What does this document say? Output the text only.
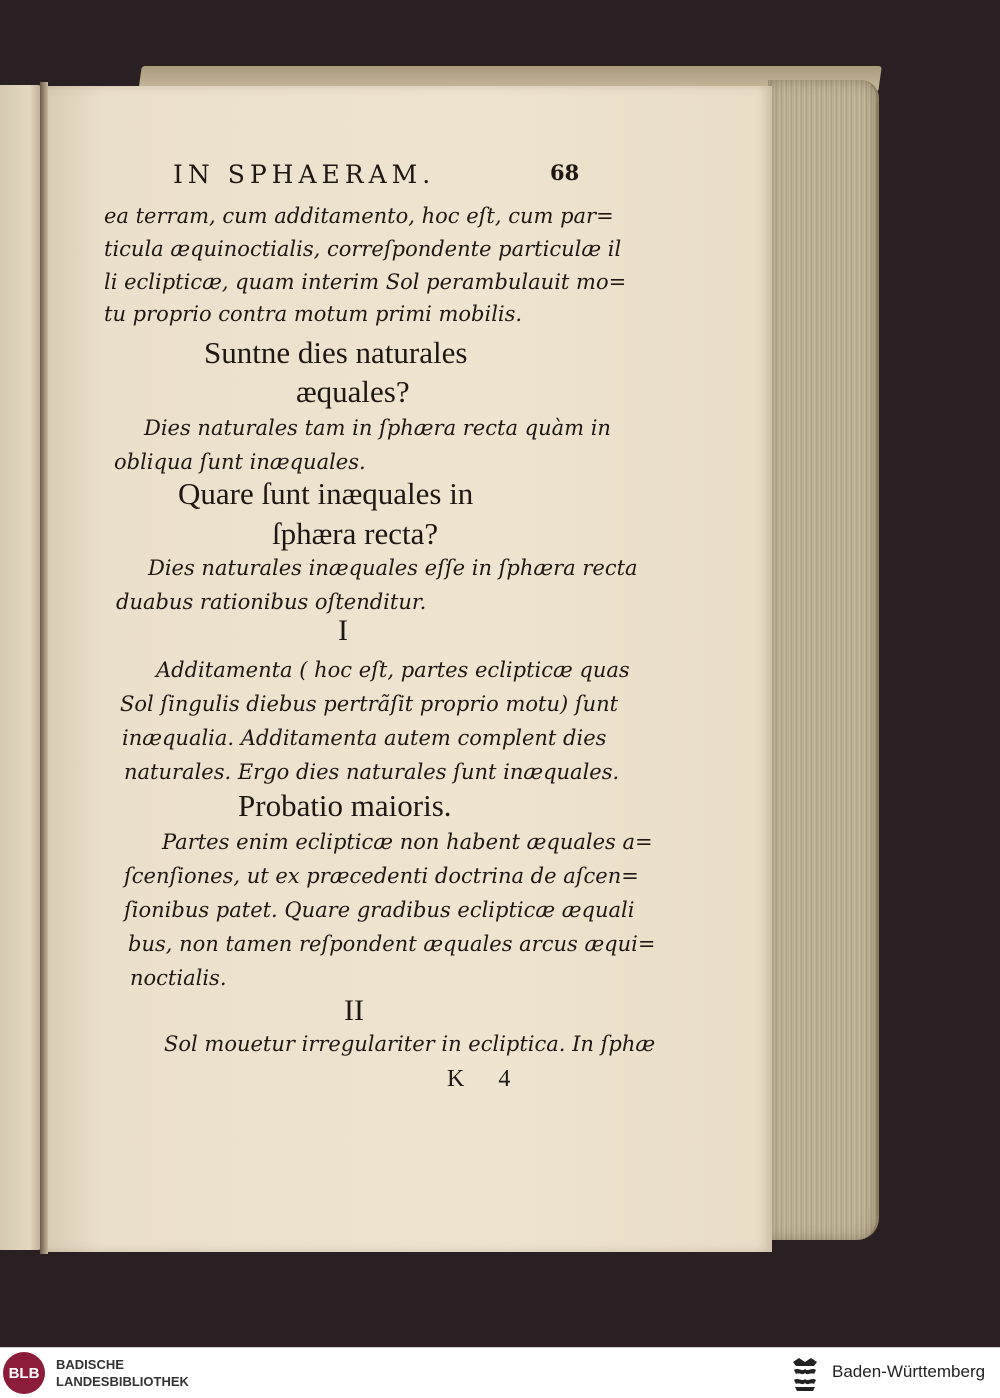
IN SPHAERAM.	68
ea terram, cum additamento, hoc eſt, cum par=
ticula æquinoctialis, correſpondente particulæ il
li eclipticæ, quam interim Sol perambulauit mo=
tu proprio contra motum primi mobilis.
Suntne dies naturales
æquales?
Dies naturales tam in ſphæra recta quàm in
obliqua ſunt inæquales.
Quare ſunt inæquales in
ſphæra recta?
Dies naturales inæquales eſſe in ſphæra recta
duabus rationibus oſtenditur.
I
Additamenta ( hoc eſt, partes eclipticæ quas
Sol ſingulis diebus pertrãſit proprio motu) ſunt
inæqualia. Additamenta autem complent dies
naturales. Ergo dies naturales ſunt inæquales.
Probatio maioris.
Partes enim eclipticæ non habent æquales a=
ſcenſiones, ut ex præcedenti doctrina de aſcen=
ſionibus patet. Quare gradibus eclipticæ æquali
bus, non tamen reſpondent æquales arcus æqui=
noctialis.
II
Sol mouetur irregulariter in ecliptica. In ſphæ
K 4
BLB	BADISCHE
LANDESBIBLIOTHEK
Baden-Württemberg
